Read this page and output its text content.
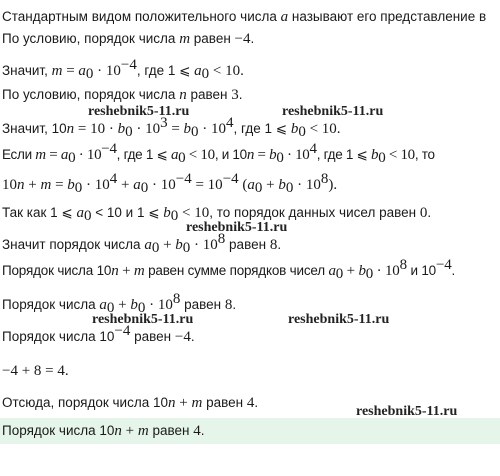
Стандартным видом положительного числа a называют его представление в
По условию, порядок числа m равен −4.
Значит, $m = a_0 \cdot 10^{-4}$, где 1 ⩽ $a_0 < 10$.
По условию, порядок числа n равен 3.
reshebnik5-11.ru	reshebnik5-11.ru
Значит, $10n = 10 \cdot b_0 \cdot 10^3 = b_0 \cdot 10^4$, где 1 ⩽ $b_0 < 10$.
Если $m = a_0 \cdot 10^{-4}$, где 1 ⩽ $a_0 < 10$, и $10n = b_0 \cdot 10^4$, где 1 ⩽ $b_0 < 10$, то
$10n + m = b_0 \cdot 10^4 + a_0 \cdot 10^{-4} = 10^{-4}$ $(a_0 + b_0 \cdot 10^8)$.
Так как 1 ⩽ $a_0 < 10$ и 1 ⩽ $b_0 < 10$, то порядок данных чисел равен 0.
reshebnik5-11.ru
Значит порядок числа $a_0 + b_0 \cdot 10^8$ равен 8.
Порядок числа 10n + m равен сумме порядков чисел $a_0 + b_0 \cdot 10^8$ и $10^{-4}$.
Порядок числа $a_0 + b_0 \cdot 10^8$ равен 8.
reshebnik5-11.ru	reshebnik5-11.ru
Порядок числа $10^{-4}$ равен −4.
−4 + 8 = 4.
Отсюда, порядок числа 10n + m равен 4.
reshebnik5-11.ru
Порядок числа 10n + m равен 4.
